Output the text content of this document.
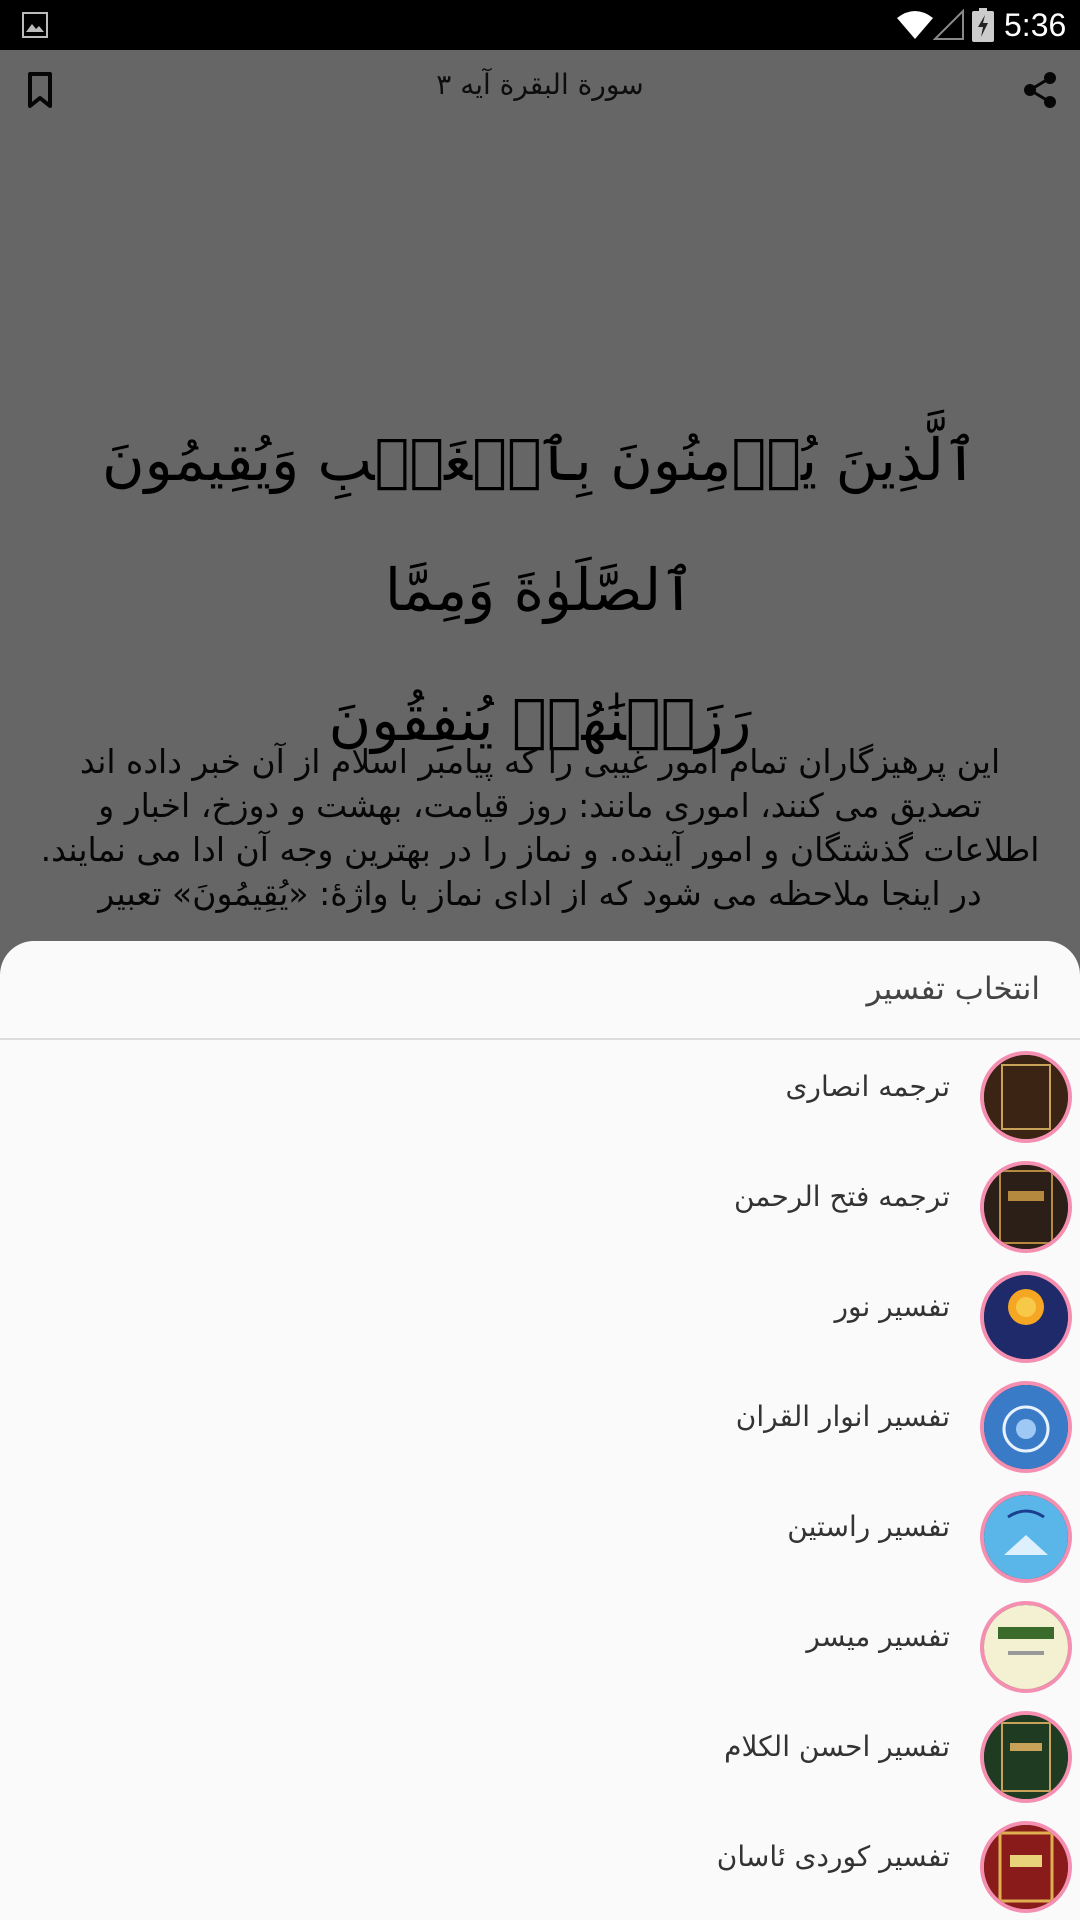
5:36

انتخاب تفسیر
ترجمه انصاری
ترجمه فتح الرحمن
تفسیر نور
تفسیر انوار القران
تفسیر راستین
تفسیر میسر
تفسیر احسن الکلام
تفسیر کوردی ئاسان
